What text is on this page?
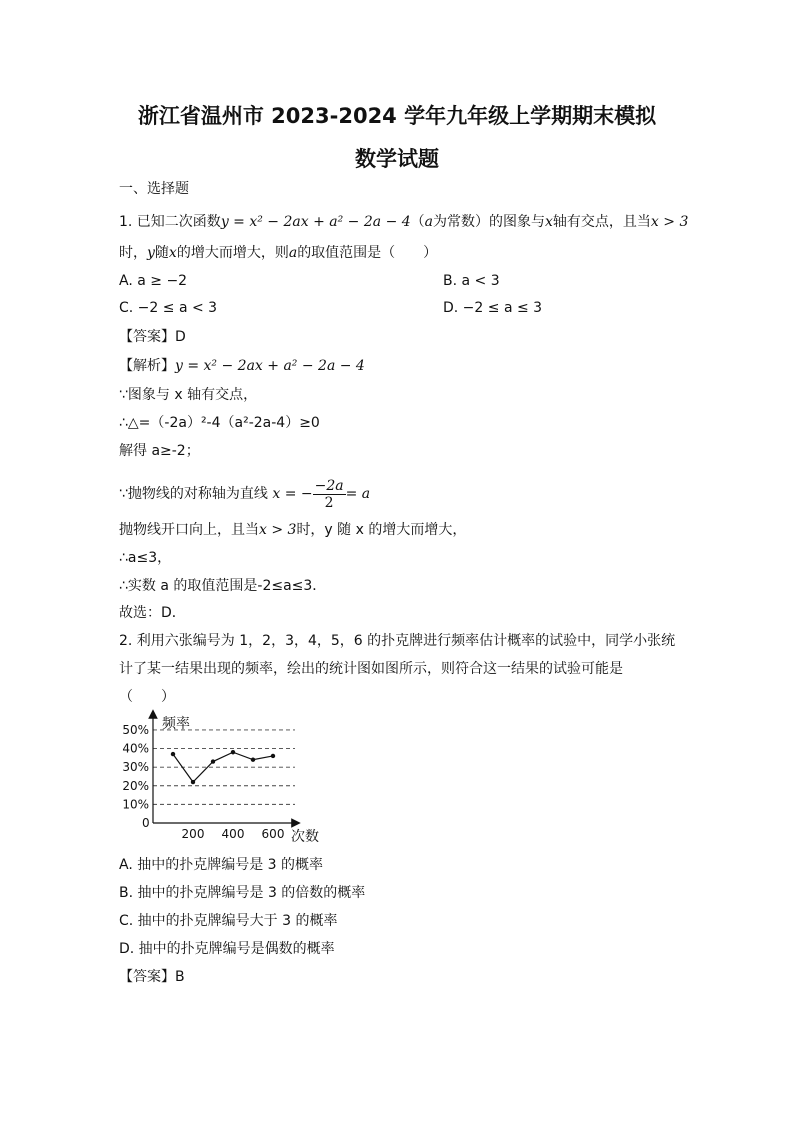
浙江省温州市 2023-2024 学年九年级上学期期末模拟
数学试题
一、选择题
1. 已知二次函数y = x² − 2ax + a² − 2a − 4（a为常数）的图象与x轴有交点，且当x > 3
时，y随x的增大而增大，则a的取值范围是（　　）
A. a ≥ −2	B. a < 3
C. −2 ≤ a < 3	D. −2 ≤ a ≤ 3
【答案】D
【解析】y = x² − 2ax + a² − 2a − 4
∵图象与 x 轴有交点，
∴△=（-2a）²-4（a²-2a-4）≥0
解得 a≥-2；
∵抛物线的对称轴为直线 x = − $\frac{-2a}{2} = a$
抛物线开口向上，且当x > 3时，y 随 x 的增大而增大，
∴a≤3，
∴实数 a 的取值范围是-2≤a≤3．
故选：D．
2. 利用六张编号为 1，2，3，4，5，6 的扑克牌进行频率估计概率的试验中，同学小张统
计了某一结果出现的频率，绘出的统计图如图所示，则符合这一结果的试验可能是
（　　）
频率
次数
0
10%
20%
30%
40%
50%
200 400 600
A. 抽中的扑克牌编号是 3 的概率
B. 抽中的扑克牌编号是 3 的倍数的概率
C. 抽中的扑克牌编号大于 3 的概率
D. 抽中的扑克牌编号是偶数的概率
【答案】B
